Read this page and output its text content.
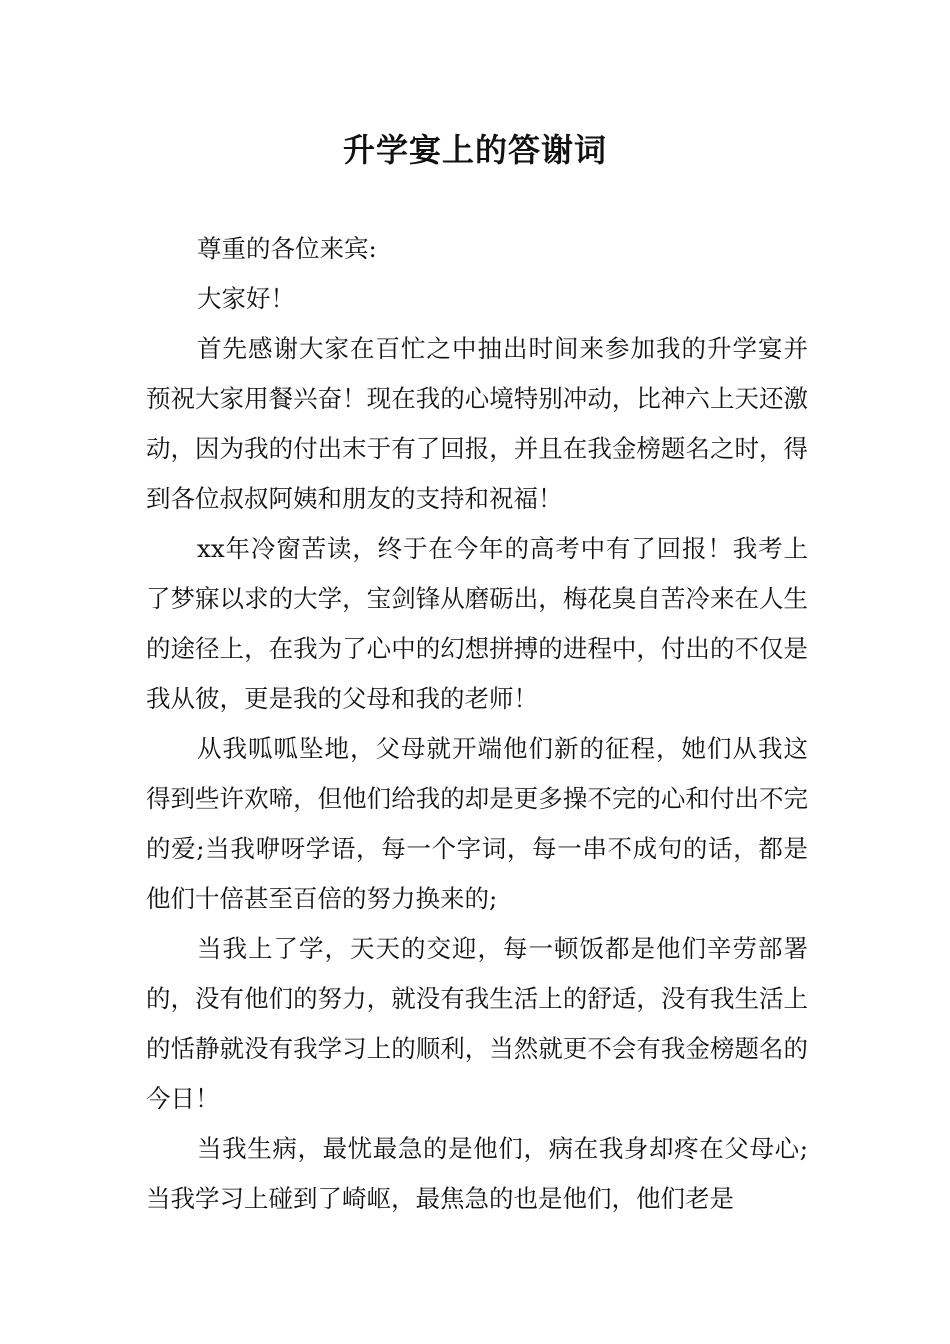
升学宴上的答谢词

尊重的各位来宾:

大家好！

首先感谢大家在百忙之中抽出时间来参加我的升学宴并预祝大家用餐兴奋！现在我的心境特别冲动，比神六上天还激动，因为我的付出末于有了回报，并且在我金榜题名之时，得到各位叔叔阿姨和朋友的支持和祝福！

xx年冷窗苦读，终于在今年的高考中有了回报！我考上了梦寐以求的大学，宝剑锋从磨砺出，梅花臭自苦冷来在人生的途径上，在我为了心中的幻想拼搏的进程中，付出的不仅是我从彼，更是我的父母和我的老师！

从我呱呱坠地，父母就开端他们新的征程，她们从我这得到些许欢啼，但他们给我的却是更多操不完的心和付出不完的爱;当我咿呀学语，每一个字词，每一串不成句的话，都是他们十倍甚至百倍的努力换来的;

当我上了学，天天的交迎，每一顿饭都是他们辛劳部署的，没有他们的努力，就没有我生活上的舒适，没有我生活上的恬静就没有我学习上的顺利，当然就更不会有我金榜题名的今日！

当我生病，最忧最急的是他们，病在我身却疼在父母心;当我学习上碰到了崎岖，最焦急的也是他们，他们老是
